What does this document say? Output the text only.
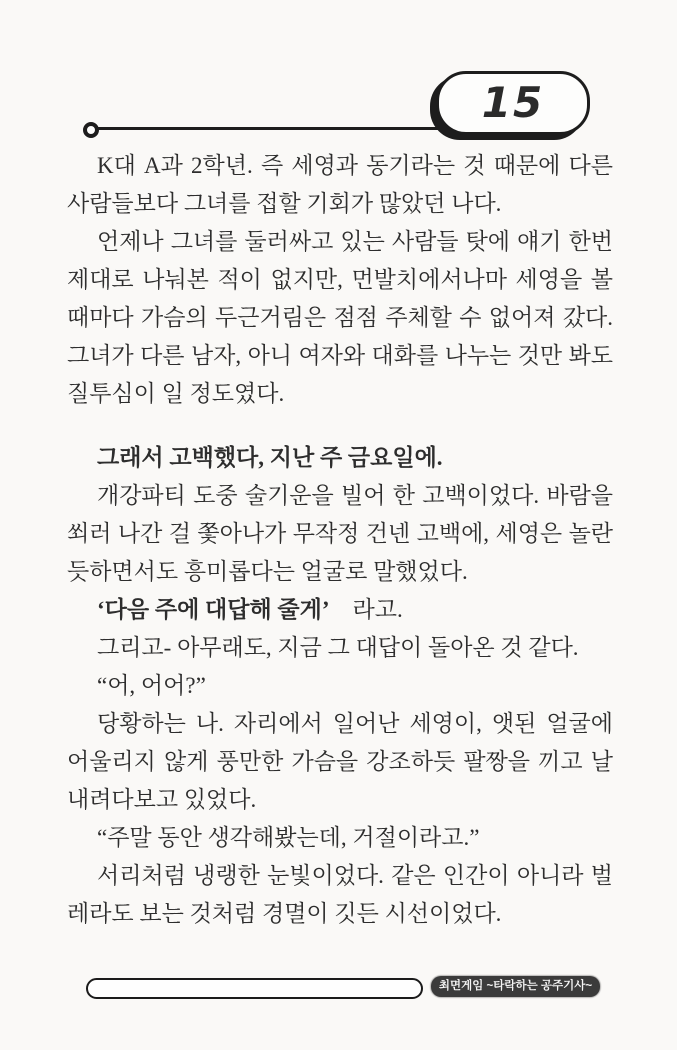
15

K대 A과 2학년. 즉 세영과 동기라는 것 때문에 다른 사람들보다 그녀를 접할 기회가 많았던 나다.

언제나 그녀를 둘러싸고 있는 사람들 탓에 얘기 한번 제대로 나눠본 적이 없지만, 먼발치에서나마 세영을 볼 때마다 가슴의 두근거림은 점점 주체할 수 없어져 갔다. 그녀가 다른 남자, 아니 여자와 대화를 나누는 것만 봐도 질투심이 일 정도였다.

그래서 고백했다, 지난 주 금요일에.

개강파티 도중 술기운을 빌어 한 고백이었다. 바람을 쐬러 나간 걸 쫓아나가 무작정 건넨 고백에, 세영은 놀란 듯하면서도 흥미롭다는 얼굴로 말했었다.

‘다음 주에 대답해 줄게’　라고.

그리고- 아무래도, 지금 그 대답이 돌아온 것 같다.

“어, 어어?”

당황하는 나. 자리에서 일어난 세영이, 앳된 얼굴에 어울리지 않게 풍만한 가슴을 강조하듯 팔짱을 끼고 날 내려다보고 있었다.

“주말 동안 생각해봤는데, 거절이라고.”

서리처럼 냉랭한 눈빛이었다. 같은 인간이 아니라 벌레라도 보는 것처럼 경멸이 깃든 시선이었다.

최면게임 ~타락하는 공주기사~
